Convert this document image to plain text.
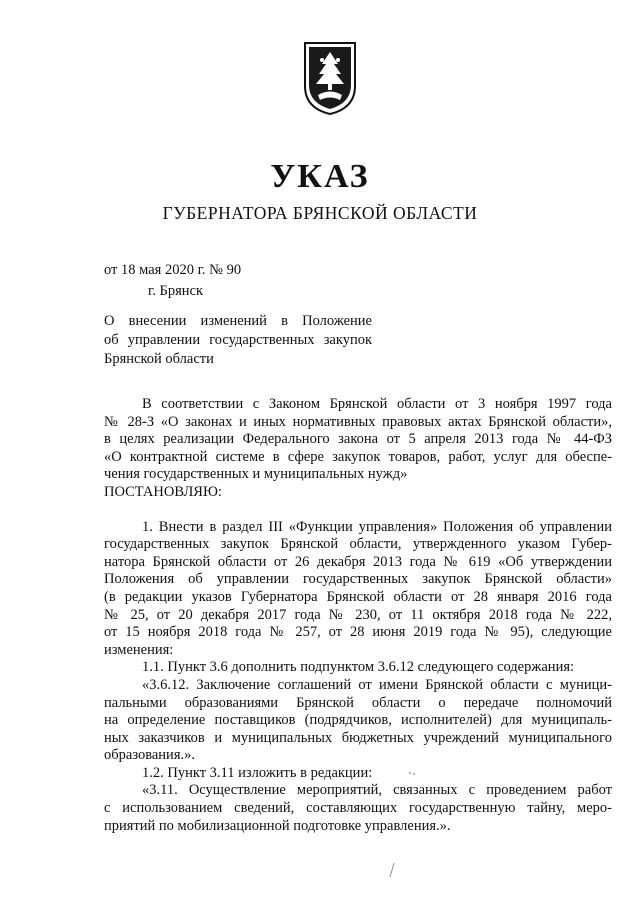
УКАЗ
ГУБЕРНАТОРА БРЯНСКОЙ ОБЛАСТИ
от 18 мая 2020 г. № 90
г. Брянск
О внесении изменений в Положение
об управлении государственных закупок
Брянской области
В соответствии с Законом Брянской области от 3 ноября 1997 года
№ 28-З «О законах и иных нормативных правовых актах Брянской области»,
в целях реализации Федерального закона от 5 апреля 2013 года № 44-ФЗ
«О контрактной системе в сфере закупок товаров, работ, услуг для обеспе-
чения государственных и муниципальных нужд»
ПОСТАНОВЛЯЮ:
1. Внести в раздел III «Функции управления» Положения об управлении
государственных закупок Брянской области, утвержденного указом Губер-
натора Брянской области от 26 декабря 2013 года № 619 «Об утверждении
Положения об управлении государственных закупок Брянской области»
(в редакции указов Губернатора Брянской области от 28 января 2016 года
№ 25, от 20 декабря 2017 года № 230, от 11 октября 2018 года № 222,
от 15 ноября 2018 года № 257, от 28 июня 2019 года № 95), следующие
изменения:
1.1. Пункт 3.6 дополнить подпунктом 3.6.12 следующего содержания:
«3.6.12. Заключение соглашений от имени Брянской области с муници-
пальными образованиями Брянской области о передаче полномочий
на определение поставщиков (подрядчиков, исполнителей) для муниципаль-
ных заказчиков и муниципальных бюджетных учреждений муниципального
образования.».
1.2. Пункт 3.11 изложить в редакции:
«3.11. Осуществление мероприятий, связанных с проведением работ
с использованием сведений, составляющих государственную тайну, меро-
приятий по мобилизационной подготовке управления.».
